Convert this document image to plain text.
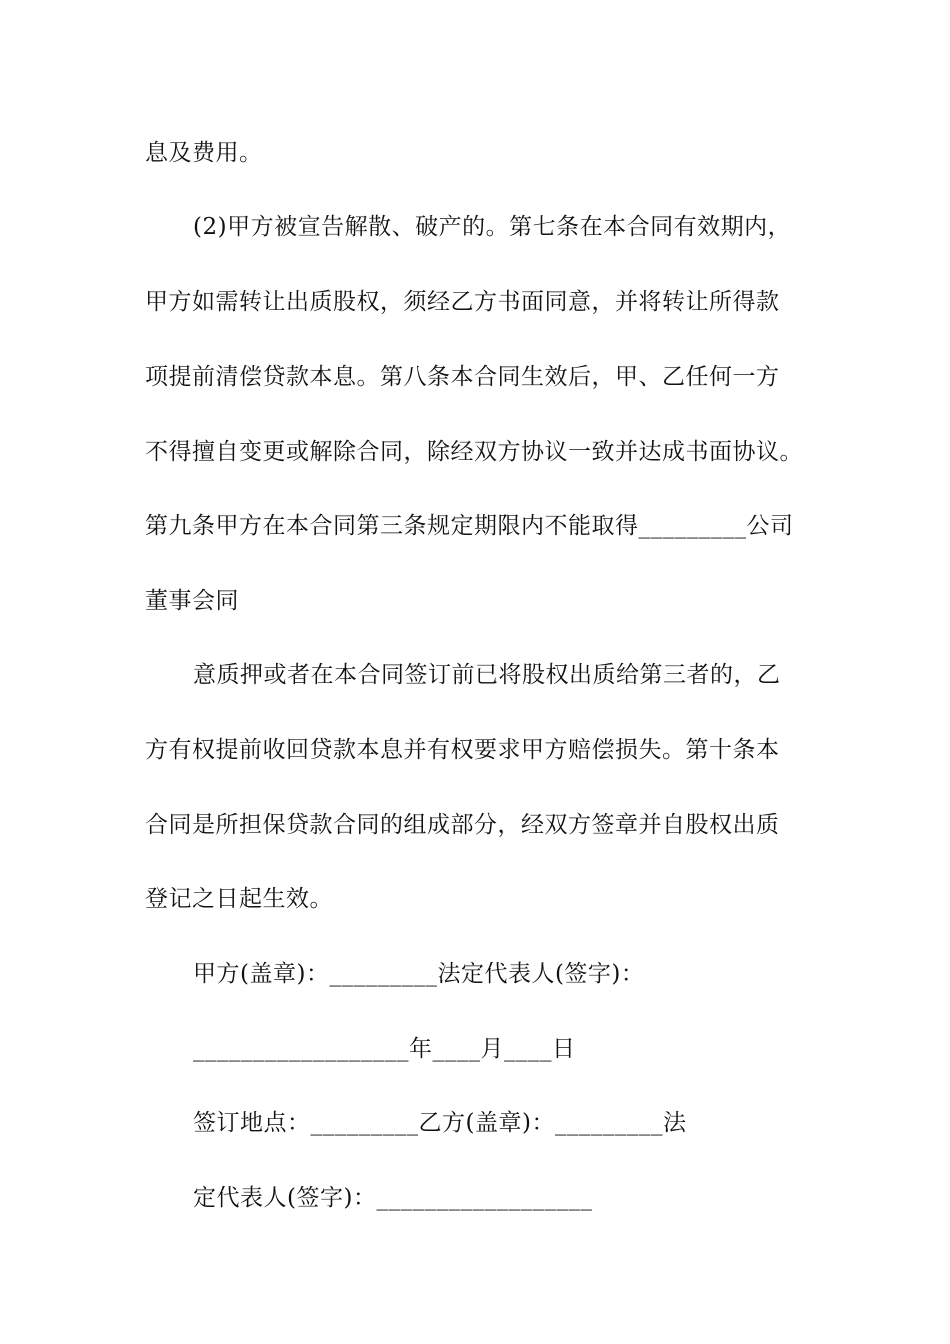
息及费用。
(2)甲方被宣告解散、破产的。第七条在本合同有效期内，
甲方如需转让出质股权，须经乙方书面同意，并将转让所得款
项提前清偿贷款本息。第八条本合同生效后，甲、乙任何一方
不得擅自变更或解除合同，除经双方协议一致并达成书面协议。
第九条甲方在本合同第三条规定期限内不能取得_________公司
董事会同
意质押或者在本合同签订前已将股权出质给第三者的，乙
方有权提前收回贷款本息并有权要求甲方赔偿损失。第十条本
合同是所担保贷款合同的组成部分，经双方签章并自股权出质
登记之日起生效。
甲方(盖章)：_________法定代表人(签字)：
__________________年____月____日
签订地点：_________乙方(盖章)：_________法
定代表人(签字)：__________________
